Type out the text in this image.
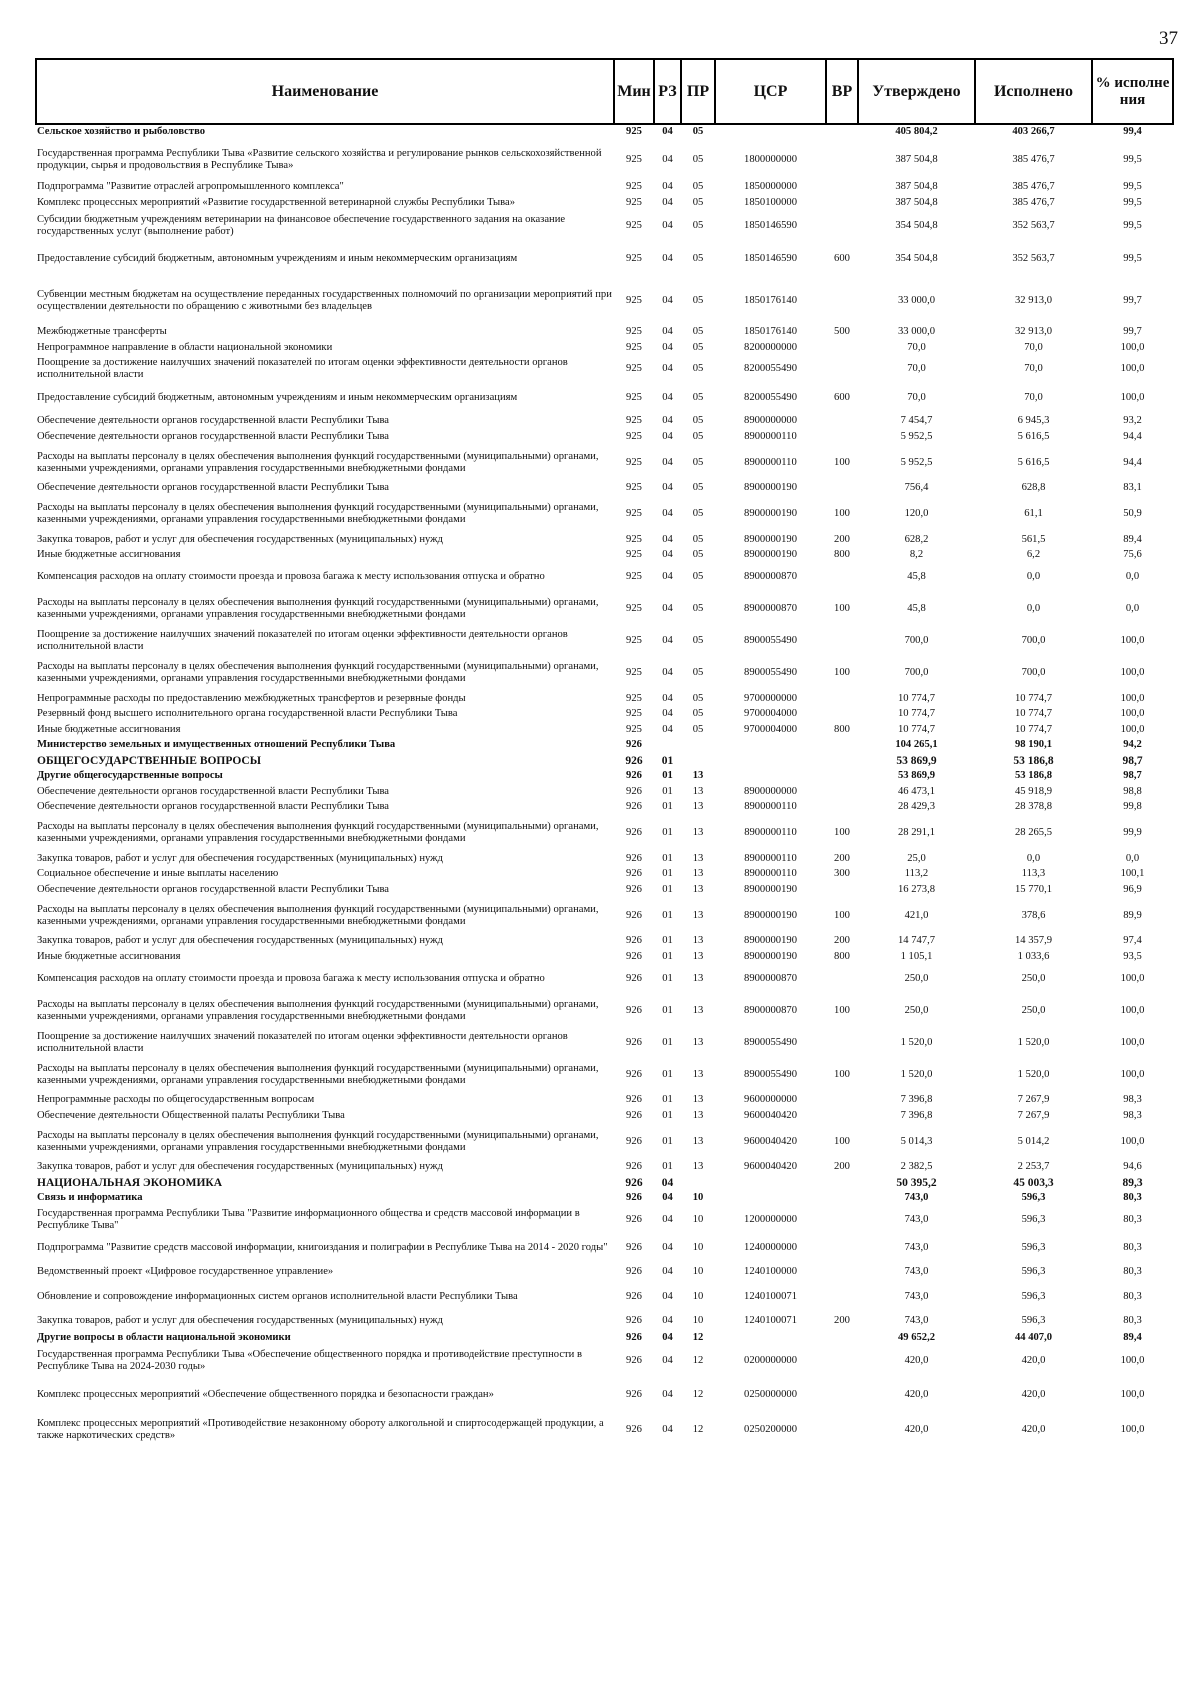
37
Наименование	Мин	РЗ	ПР	ЦСР	ВР	Утверждено	Исполнено	% исполне ния
Сельское хозяйство и рыболовство	925	04	05			405 804,2	403 266,7	99,4
Государственная программа Республики Тыва «Развитие сельского хозяйства и регулирование рынков сельскохозяйственной продукции, сырья и продовольствия в Республике Тыва»	925	04	05	1800000000		387 504,8	385 476,7	99,5
Подпрограмма "Развитие отраслей агропромышленного комплекса"	925	04	05	1850000000		387 504,8	385 476,7	99,5
Комплекс процессных мероприятий «Развитие государственной ветеринарной службы Республики Тыва»	925	04	05	1850100000		387 504,8	385 476,7	99,5
Субсидии бюджетным учреждениям ветеринарии на финансовое обеспечение государственного задания на оказание государственных услуг (выполнение работ)	925	04	05	1850146590		354 504,8	352 563,7	99,5
Предоставление субсидий бюджетным, автономным учреждениям и иным некоммерческим организациям	925	04	05	1850146590	600	354 504,8	352 563,7	99,5
Субвенции местным бюджетам на осуществление переданных государственных полномочий по организации мероприятий при осуществлении деятельности по обращению с животными без владельцев	925	04	05	1850176140		33 000,0	32 913,0	99,7
Межбюджетные трансферты	925	04	05	1850176140	500	33 000,0	32 913,0	99,7
Непрограммное направление в области национальной экономики	925	04	05	8200000000		70,0	70,0	100,0
Поощрение за достижение наилучших значений показателей по итогам оценки эффективности деятельности органов исполнительной власти	925	04	05	8200055490		70,0	70,0	100,0
Предоставление субсидий бюджетным, автономным учреждениям и иным некоммерческим организациям	925	04	05	8200055490	600	70,0	70,0	100,0
Обеспечение деятельности органов государственной власти Республики Тыва	925	04	05	8900000000		7 454,7	6 945,3	93,2
Обеспечение деятельности органов государственной власти Республики Тыва	925	04	05	8900000110		5 952,5	5 616,5	94,4
Расходы на выплаты персоналу в целях обеспечения выполнения функций государственными (муниципальными) органами, казенными учреждениями, органами управления государственными внебюджетными фондами	925	04	05	8900000110	100	5 952,5	5 616,5	94,4
Обеспечение деятельности органов государственной власти Республики Тыва	925	04	05	8900000190		756,4	628,8	83,1
Расходы на выплаты персоналу в целях обеспечения выполнения функций государственными (муниципальными) органами, казенными учреждениями, органами управления государственными внебюджетными фондами	925	04	05	8900000190	100	120,0	61,1	50,9
Закупка товаров, работ и услуг для обеспечения государственных (муниципальных) нужд	925	04	05	8900000190	200	628,2	561,5	89,4
Иные бюджетные ассигнования	925	04	05	8900000190	800	8,2	6,2	75,6
Компенсация расходов на оплату стоимости проезда и провоза багажа к месту использования отпуска и обратно	925	04	05	8900000870		45,8	0,0	0,0
Расходы на выплаты персоналу в целях обеспечения выполнения функций государственными (муниципальными) органами, казенными учреждениями, органами управления государственными внебюджетными фондами	925	04	05	8900000870	100	45,8	0,0	0,0
Поощрение за достижение наилучших значений показателей по итогам оценки эффективности деятельности органов исполнительной власти	925	04	05	8900055490		700,0	700,0	100,0
Расходы на выплаты персоналу в целях обеспечения выполнения функций государственными (муниципальными) органами, казенными учреждениями, органами управления государственными внебюджетными фондами	925	04	05	8900055490	100	700,0	700,0	100,0
Непрограммные расходы по предоставлению межбюджетных трансфертов и резервные фонды	925	04	05	9700000000		10 774,7	10 774,7	100,0
Резервный фонд высшего исполнительного органа государственной власти Республики Тыва	925	04	05	9700004000		10 774,7	10 774,7	100,0
Иные бюджетные ассигнования	925	04	05	9700004000	800	10 774,7	10 774,7	100,0
Министерство земельных и имущественных отношений Республики Тыва	926					104 265,1	98 190,1	94,2
ОБЩЕГОСУДАРСТВЕННЫЕ ВОПРОСЫ	926	01				53 869,9	53 186,8	98,7
Другие общегосударственные вопросы	926	01	13			53 869,9	53 186,8	98,7
Обеспечение деятельности органов государственной власти Республики Тыва	926	01	13	8900000000		46 473,1	45 918,9	98,8
Обеспечение деятельности органов государственной власти Республики Тыва	926	01	13	8900000110		28 429,3	28 378,8	99,8
Расходы на выплаты персоналу в целях обеспечения выполнения функций государственными (муниципальными) органами, казенными учреждениями, органами управления государственными внебюджетными фондами	926	01	13	8900000110	100	28 291,1	28 265,5	99,9
Закупка товаров, работ и услуг для обеспечения государственных (муниципальных) нужд	926	01	13	8900000110	200	25,0	0,0	0,0
Социальное обеспечение и иные выплаты населению	926	01	13	8900000110	300	113,2	113,3	100,1
Обеспечение деятельности органов государственной власти Республики Тыва	926	01	13	8900000190		16 273,8	15 770,1	96,9
Расходы на выплаты персоналу в целях обеспечения выполнения функций государственными (муниципальными) органами, казенными учреждениями, органами управления государственными внебюджетными фондами	926	01	13	8900000190	100	421,0	378,6	89,9
Закупка товаров, работ и услуг для обеспечения государственных (муниципальных) нужд	926	01	13	8900000190	200	14 747,7	14 357,9	97,4
Иные бюджетные ассигнования	926	01	13	8900000190	800	1 105,1	1 033,6	93,5
Компенсация расходов на оплату стоимости проезда и провоза багажа к месту использования отпуска и обратно	926	01	13	8900000870		250,0	250,0	100,0
Расходы на выплаты персоналу в целях обеспечения выполнения функций государственными (муниципальными) органами, казенными учреждениями, органами управления государственными внебюджетными фондами	926	01	13	8900000870	100	250,0	250,0	100,0
Поощрение за достижение наилучших значений показателей по итогам оценки эффективности деятельности органов исполнительной власти	926	01	13	8900055490		1 520,0	1 520,0	100,0
Расходы на выплаты персоналу в целях обеспечения выполнения функций государственными (муниципальными) органами, казенными учреждениями, органами управления государственными внебюджетными фондами	926	01	13	8900055490	100	1 520,0	1 520,0	100,0
Непрограммные расходы по общегосударственным вопросам	926	01	13	9600000000		7 396,8	7 267,9	98,3
Обеспечение деятельности Общественной палаты Республики Тыва	926	01	13	9600040420		7 396,8	7 267,9	98,3
Расходы на выплаты персоналу в целях обеспечения выполнения функций государственными (муниципальными) органами, казенными учреждениями, органами управления государственными внебюджетными фондами	926	01	13	9600040420	100	5 014,3	5 014,2	100,0
Закупка товаров, работ и услуг для обеспечения государственных (муниципальных) нужд	926	01	13	9600040420	200	2 382,5	2 253,7	94,6
НАЦИОНАЛЬНАЯ ЭКОНОМИКА	926	04				50 395,2	45 003,3	89,3
Связь и информатика	926	04	10			743,0	596,3	80,3
Государственная программа Республики Тыва "Развитие информационного общества и средств массовой информации в Республике Тыва"	926	04	10	1200000000		743,0	596,3	80,3
Подпрограмма "Развитие средств массовой информации, книгоиздания и полиграфии в Республике Тыва на 2014 - 2020 годы"	926	04	10	1240000000		743,0	596,3	80,3
Ведомственный проект «Цифровое государственное управление»	926	04	10	1240100000		743,0	596,3	80,3
Обновление и сопровождение информационных систем органов исполнительной власти Республики Тыва	926	04	10	1240100071		743,0	596,3	80,3
Закупка товаров, работ и услуг для обеспечения государственных (муниципальных) нужд	926	04	10	1240100071	200	743,0	596,3	80,3
Другие вопросы в области национальной экономики	926	04	12			49 652,2	44 407,0	89,4
Государственная программа Республики Тыва «Обеспечение общественного порядка и противодействие преступности в Республике Тыва на 2024-2030 годы»	926	04	12	0200000000		420,0	420,0	100,0
Комплекс процессных мероприятий «Обеспечение общественного порядка и безопасности граждан»	926	04	12	0250000000		420,0	420,0	100,0
Комплекс процессных мероприятий «Противодействие незаконному обороту алкогольной и спиртосодержащей продукции, а также наркотических средств»	926	04	12	0250200000		420,0	420,0	100,0
